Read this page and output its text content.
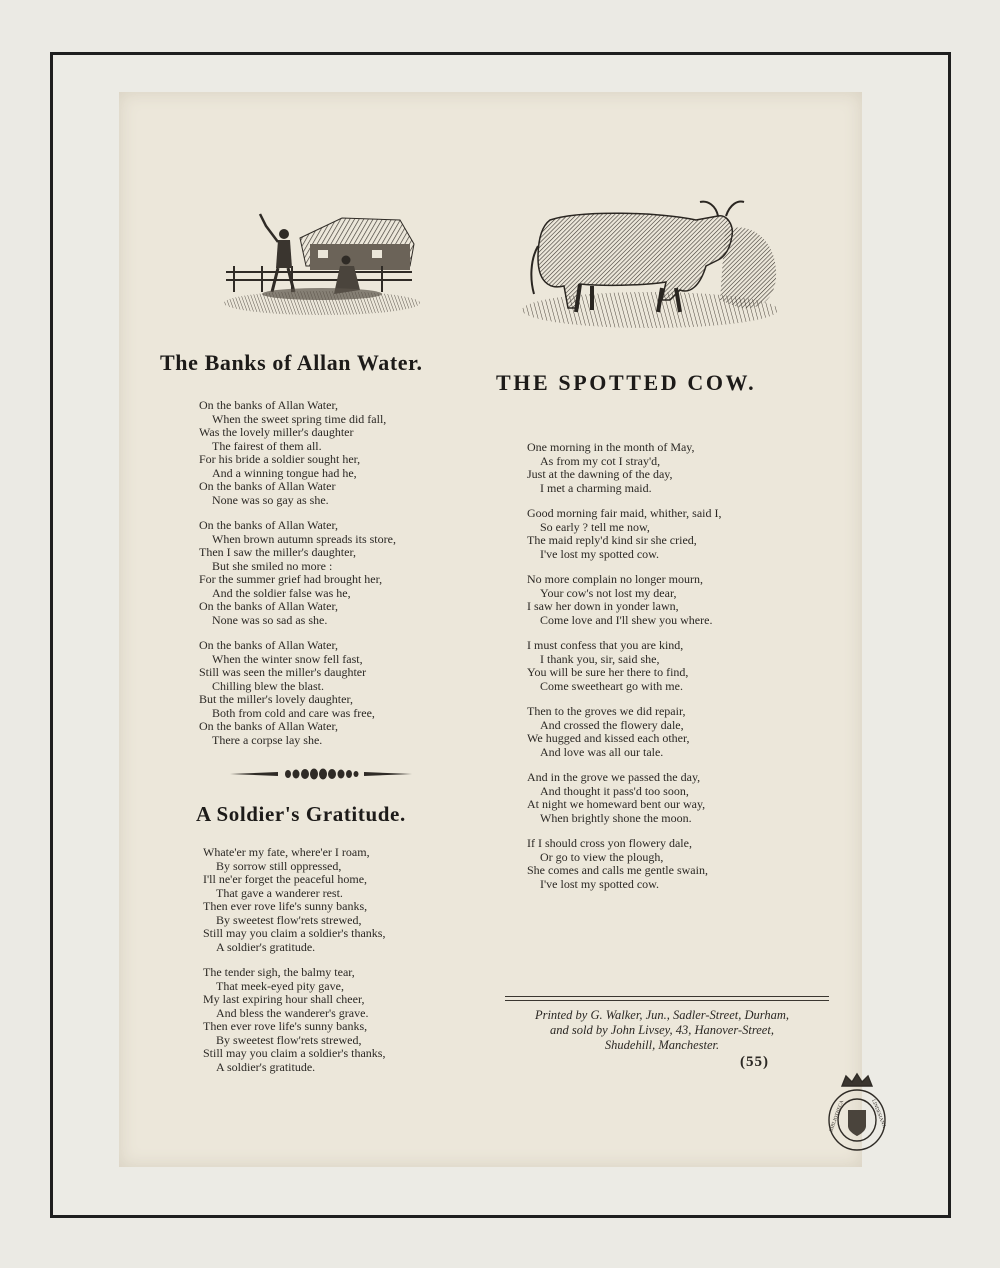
The Banks of Allan Water.
On the banks of Allan Water,
When the sweet spring time did fall,
Was the lovely miller's daughter
The fairest of them all.
For his bride a soldier sought her,
And a winning tongue had he,
On the banks of Allan Water
None was so gay as she.
On the banks of Allan Water,
When brown autumn spreads its store,
Then I saw the miller's daughter,
But she smiled no more :
For the summer grief had brought her,
And the soldier false was he,
On the banks of Allan Water,
None was so sad as she.
On the banks of Allan Water,
When the winter snow fell fast,
Still was seen the miller's daughter
Chilling blew the blast.
But the miller's lovely daughter,
Both from cold and care was free,
On the banks of Allan Water,
There a corpse lay she.
A Soldier's Gratitude.
Whate'er my fate, where'er I roam,
By sorrow still oppressed,
I'll ne'er forget the peaceful home,
That gave a wanderer rest.
Then ever rove life's sunny banks,
By sweetest flow'rets strewed,
Still may you claim a soldier's thanks,
A soldier's gratitude.
The tender sigh, the balmy tear,
That meek-eyed pity gave,
My last expiring hour shall cheer,
And bless the wanderer's grave.
Then ever rove life's sunny banks,
By sweetest flow'rets strewed,
Still may you claim a soldier's thanks,
A soldier's gratitude.
THE SPOTTED COW.
One morning in the month of May,
As from my cot I stray'd,
Just at the dawning of the day,
I met a charming maid.
Good morning fair maid, whither, said I,
So early ? tell me now,
The maid reply'd kind sir she cried,
I've lost my spotted cow.
No more complain no longer mourn,
Your cow's not lost my dear,
I saw her down in yonder lawn,
Come love and I'll shew you where.
I must confess that you are kind,
I thank you, sir, said she,
You will be sure her there to find,
Come sweetheart go with me.
Then to the groves we did repair,
And crossed the flowery dale,
We hugged and kissed each other,
And love was all our tale.
And in the grove we passed the day,
And thought it pass'd too soon,
At night we homeward bent our way,
When brightly shone the moon.
If I should cross yon flowery dale,
Or go to view the plough,
She comes and calls me gentle swain,
I've lost my spotted cow.
Printed by G. Walker, Jun., Sadler-Street, Durham,
and sold by John Livsey, 43, Hanover-Street,
Shudehill, Manchester.
(55)
BIBLIOTHECA	LINDESIANA
